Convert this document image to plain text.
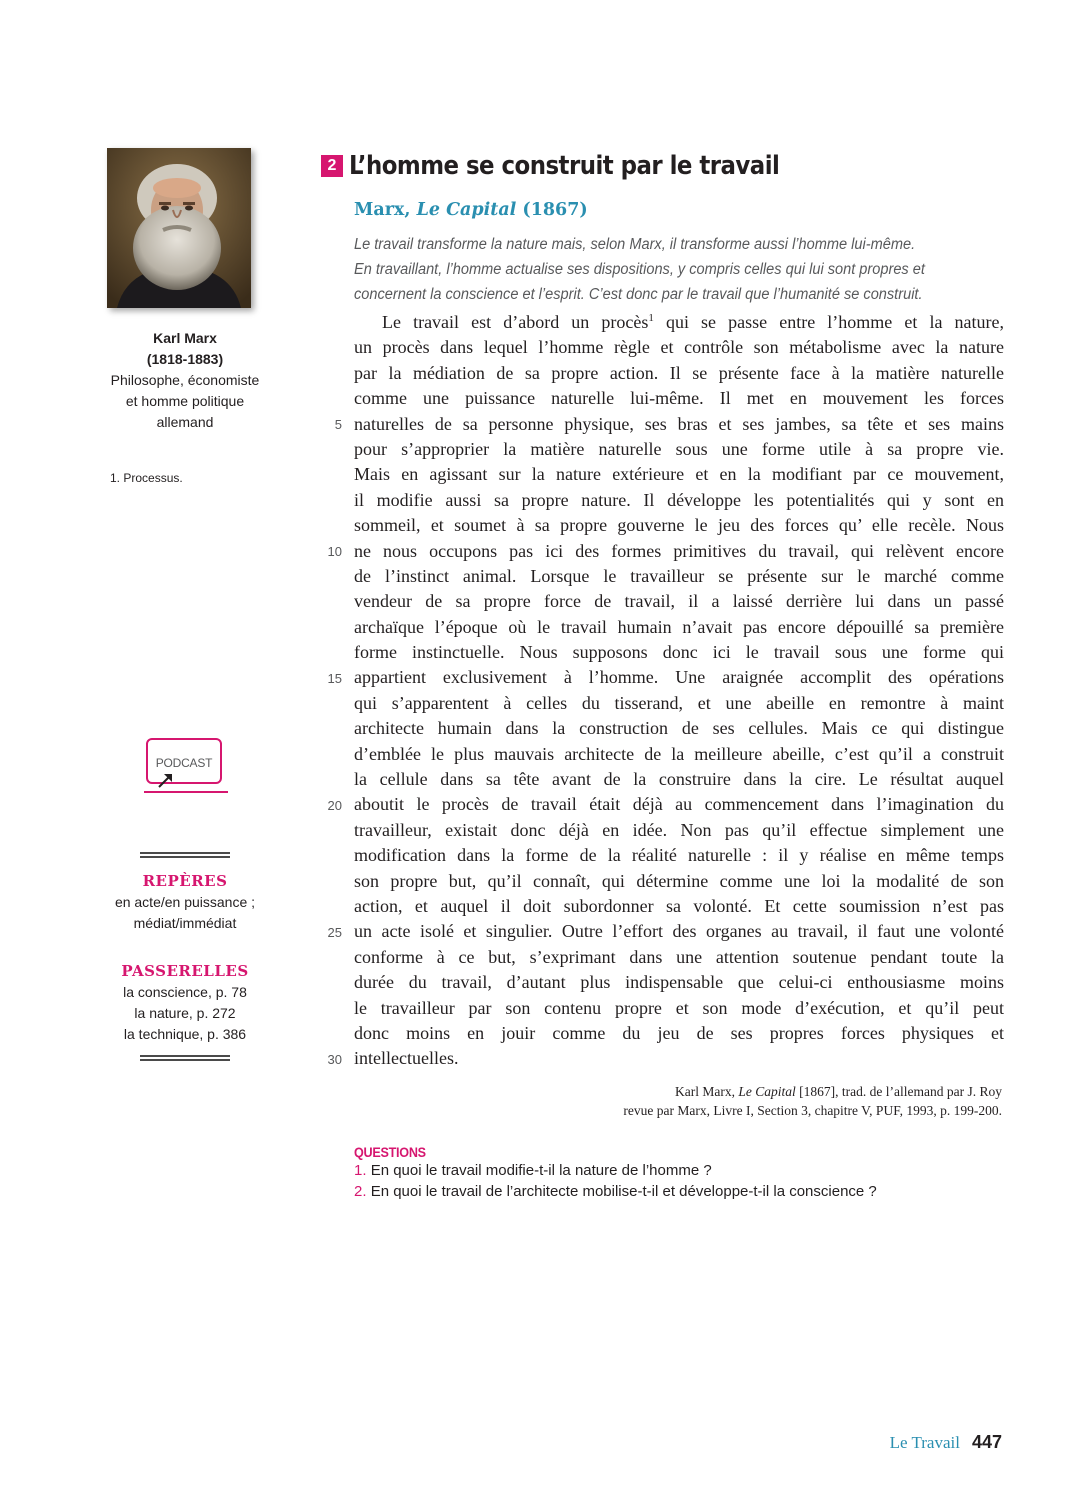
Karl Marx
(1818-1883)
Philosophe, économiste
et homme politique
allemand
1. Processus.
PODCAST
REPÈRES
en acte/en puissance ;
médiat/immédiat
PASSERELLES
la conscience, p. 78
la nature, p. 272
la technique, p. 386
2 L’homme se construit par le travail
Marx, Le Capital (1867)
Le travail transforme la nature mais, selon Marx, il transforme aussi l’homme lui-même.
En travaillant, l’homme actualise ses dispositions, y compris celles qui lui sont propres et
concernent la conscience et l’esprit. C’est donc par le travail que l’humanité se construit.
Le travail est d’abord un procès$^1$ qui se passe entre l’homme et la nature,
un procès dans lequel l’homme règle et contrôle son métabolisme avec la nature
par la médiation de sa propre action. Il se présente face à la matière naturelle
comme une puissance naturelle lui-même. Il met en mouvement les forces
naturelles de sa personne physique, ses bras et ses jambes, sa tête et ses mains
pour s’approprier la matière naturelle sous une forme utile à sa propre vie.
Mais en agissant sur la nature extérieure et en la modifiant par ce mouvement,
il modifie aussi sa propre nature. Il développe les potentialités qui y sont en
sommeil, et soumet à sa propre gouverne le jeu des forces qu’ elle recèle. Nous
ne nous occupons pas ici des formes primitives du travail, qui relèvent encore
de l’instinct animal. Lorsque le travailleur se présente sur le marché comme
vendeur de sa propre force de travail, il a laissé derrière lui dans un passé
archaïque l’époque où le travail humain n’avait pas encore dépouillé sa première
forme instinctuelle. Nous supposons donc ici le travail sous une forme qui
appartient exclusivement à l’homme. Une araignée accomplit des opérations
qui s’apparentent à celles du tisserand, et une abeille en remontre à maint
architecte humain dans la construction de ses cellules. Mais ce qui distingue
d’emblée le plus mauvais architecte de la meilleure abeille, c’est qu’il a construit
la cellule dans sa tête avant de la construire dans la cire. Le résultat auquel
aboutit le procès de travail était déjà au commencement dans l’imagination du
travailleur, existait donc déjà en idée. Non pas qu’il effectue simplement une
modification dans la forme de la réalité naturelle : il y réalise en même temps
son propre but, qu’il connaît, qui détermine comme une loi la modalité de son
action, et auquel il doit subordonner sa volonté. Et cette soumission n’est pas
un acte isolé et singulier. Outre l’effort des organes au travail, il faut une volonté
conforme à ce but, s’exprimant dans une attention soutenue pendant toute la
durée du travail, d’autant plus indispensable que celui-ci enthousiasme moins
le travailleur par son contenu propre et son mode d’exécution, et qu’il peut
donc moins en jouir comme du jeu de ses propres forces physiques et
intellectuelles.
5
10
15
20
25
30
Karl Marx, Le Capital [1867], trad. de l’allemand par J. Roy
revue par Marx, Livre I, Section 3, chapitre V, PUF, 1993, p. 199-200.
QUESTIONS
1. En quoi le travail modifie-t-il la nature de l’homme ?
2. En quoi le travail de l’architecte mobilise-t-il et développe-t-il la conscience ?
Le Travail 447
